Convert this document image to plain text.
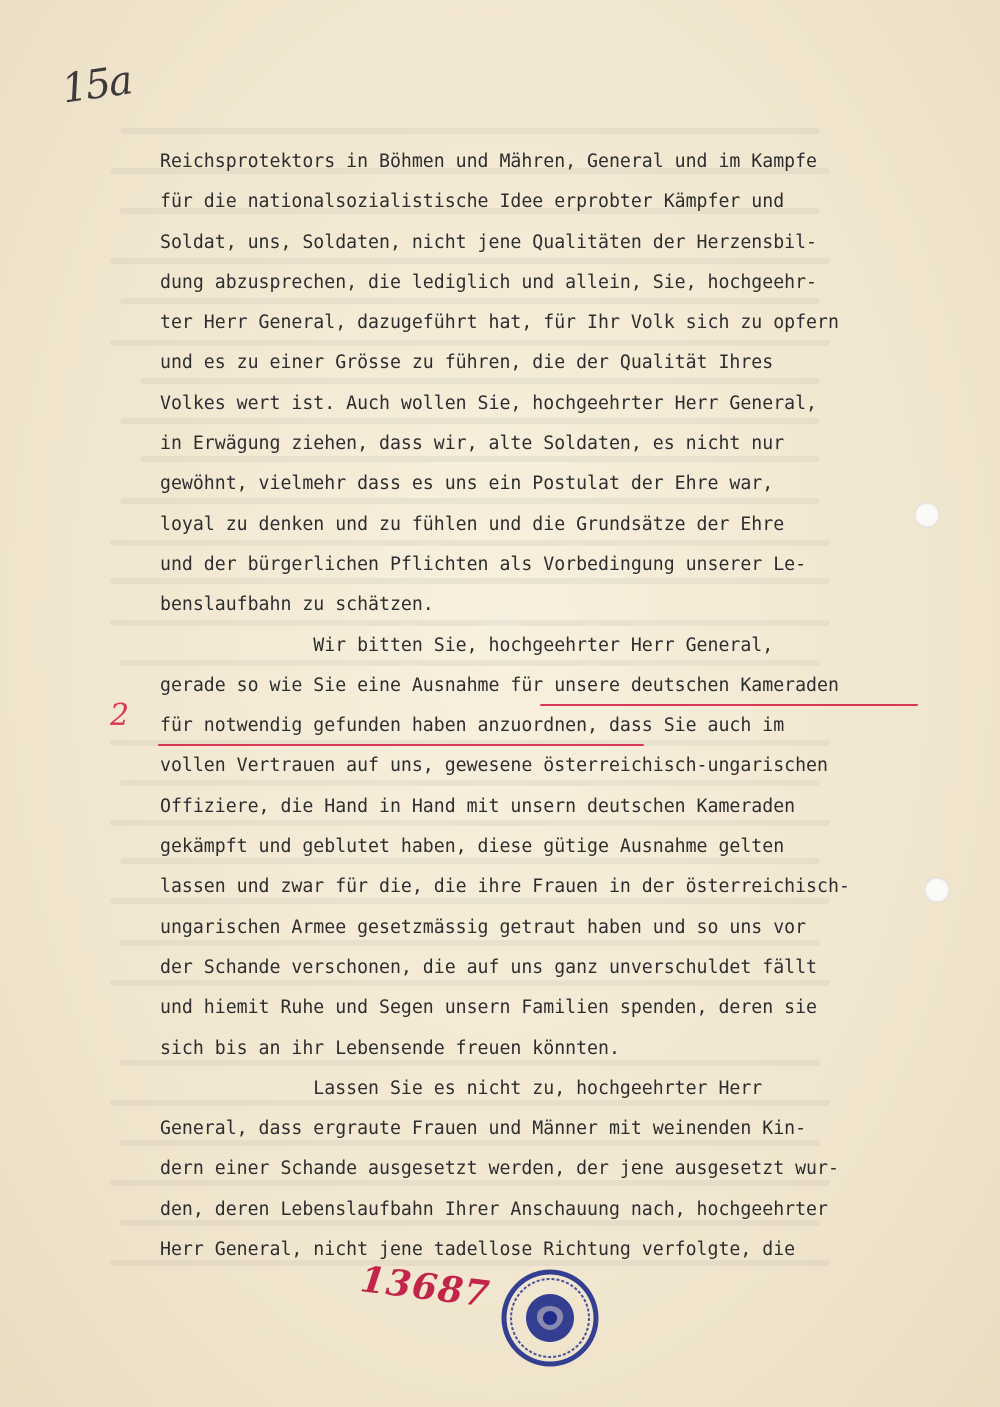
15a
2
Reichsprotektors in Böhmen und Mähren, General und im Kampfe
für die nationalsozialistische Idee erprobter Kämpfer und
Soldat, uns, Soldaten, nicht jene Qualitäten der Herzensbil-
dung abzusprechen, die lediglich und allein, Sie, hochgeehr-
ter Herr General, dazugeführt hat, für Ihr Volk sich zu opfern
und es zu einer Grösse zu führen, die der Qualität Ihres
Volkes wert ist. Auch wollen Sie, hochgeehrter Herr General,
in Erwägung ziehen, dass wir, alte Soldaten, es nicht nur
gewöhnt, vielmehr dass es uns ein Postulat der Ehre war,
loyal zu denken und zu fühlen und die Grundsätze der Ehre
und der bürgerlichen Pflichten als Vorbedingung unserer Le-
benslaufbahn zu schätzen.
Wir bitten Sie, hochgeehrter Herr General,
gerade so wie Sie eine Ausnahme für unsere deutschen Kameraden
für notwendig gefunden haben anzuordnen, dass Sie auch im
vollen Vertrauen auf uns, gewesene österreichisch-ungarischen
Offiziere, die Hand in Hand mit unsern deutschen Kameraden
gekämpft und geblutet haben, diese gütige Ausnahme gelten
lassen und zwar für die, die ihre Frauen in der österreichisch-
ungarischen Armee gesetzmässig getraut haben und so uns vor
der Schande verschonen, die auf uns ganz unverschuldet fällt
und hiemit Ruhe und Segen unsern Familien spenden, deren sie
sich bis an ihr Lebensende freuen könnten.
Lassen Sie es nicht zu, hochgeehrter Herr
General, dass ergraute Frauen und Männer mit weinenden Kin-
dern einer Schande ausgesetzt werden, der jene ausgesetzt wur-
den, deren Lebenslaufbahn Ihrer Anschauung nach, hochgeehrter
Herr General, nicht jene tadellose Richtung verfolgte, die
13687
